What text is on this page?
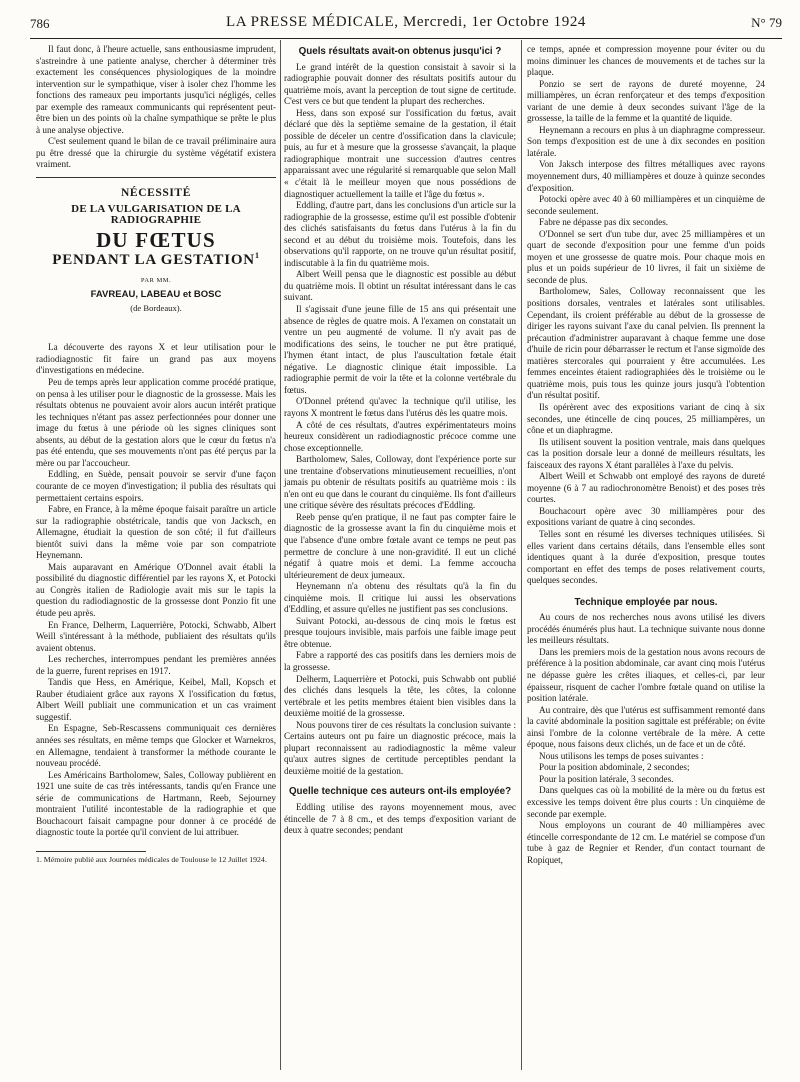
786	LA PRESSE MÉDICALE, Mercredi, 1er Octobre 1924	N° 79

Il faut donc, à l'heure actuelle, sans enthousiasme imprudent, s'astreindre à une patiente analyse, chercher à déterminer très exactement les conséquences physiologiques de la moindre intervention sur le sympathique, viser à isoler chez l'homme les fonctions des rameaux peu importants jusqu'ici négligés, celles par exemple des rameaux communicants qui représentent peut-être bien un des points où la chaîne sympathique se prête le plus à une analyse objective.

C'est seulement quand le bilan de ce travail préliminaire aura pu être dressé que la chirurgie du système végétatif existera vraiment.

NÉCESSITÉ
DE LA VULGARISATION DE LA RADIOGRAPHIE
DU FŒTUS
PENDANT LA GESTATION$^1$
PAR MM.
FAVREAU, LABEAU et BOSC
(de Bordeaux).

La découverte des rayons X et leur utilisation pour le radiodiagnostic fit faire un grand pas aux moyens d'investigations en médecine.

Peu de temps après leur application comme procédé pratique, on pensa à les utiliser pour le diagnostic de la grossesse. Mais les résultats obtenus ne pouvaient avoir alors aucun intérêt pratique les techniques n'étant pas assez perfectionnées pour donner une image du fœtus à une période où les signes cliniques sont absents, au début de la gestation alors que le cœur du fœtus n'a pas été entendu, que ses mouvements n'ont pas été perçus par la mère ou par l'accoucheur.

Eddling, en Suède, pensait pouvoir se servir d'une façon courante de ce moyen d'investigation; il publia des résultats qui permettaient certains espoirs.

Fabre, en France, à la même époque faisait paraître un article sur la radiographie obstétricale, tandis que von Jacksch, en Allemagne, étudiait la question de son côté; il fut d'ailleurs bientôt suivi dans la même voie par son compatriote Heynemann.

Mais auparavant en Amérique O'Donnel avait établi la possibilité du diagnostic différentiel par les rayons X, et Potocki au Congrès italien de Radiologie avait mis sur le tapis la question du radiodiagnostic de la grossesse dont Ponzio fit une étude peu après.

En France, Delherm, Laquerrière, Potocki, Schwabb, Albert Weill s'intéressant à la méthode, publiaient des résultats qu'ils avaient obtenus.

Les recherches, interrompues pendant les premières années de la guerre, furent reprises en 1917.

Tandis que Hess, en Amérique, Keibel, Mall, Kopsch et Rauber étudiaient grâce aux rayons X l'ossification du fœtus, Albert Weill publiait une communication et un cas vraiment suggestif.

En Espagne, Seb-Rescassens communiquait ces dernières années ses résultats, en même temps que Glocker et Warnekros, en Allemagne, tendaient à transformer la méthode courante le nouveau procédé.

Les Américains Bartholomew, Sales, Colloway publièrent en 1921 une suite de cas très intéressants, tandis qu'en France une série de communications de Hartmann, Reeb, Sejourney montraient l'utilité incontestable de la radiographie et que Bouchacourt faisait campagne pour donner à ce procédé de diagnostic toute la portée qu'il convient de lui attribuer.

1. Mémoire publié aux Journées médicales de Toulouse le 12 Juillet 1924.
Quels résultats avait-on obtenus jusqu'ici ?

Le grand intérêt de la question consistait à savoir si la radiographie pouvait donner des résultats positifs autour du quatrième mois, avant la perception de tout signe de certitude. C'est vers ce but que tendent la plupart des recherches.

Hess, dans son exposé sur l'ossification du fœtus, avait déclaré que dès la septième semaine de la gestation, il était possible de déceler un centre d'ossification dans la clavicule; puis, au fur et à mesure que la grossesse s'avançait, la plaque radiographique montrait une succession d'autres centres apparaissant avec une régularité si remarquable que selon Mall « c'était là le meilleur moyen que nous possédions de diagnostiquer actuellement la taille et l'âge du fœtus ».

Eddling, d'autre part, dans les conclusions d'un article sur la radiographie de la grossesse, estime qu'il est possible d'obtenir des clichés satisfaisants du fœtus dans l'utérus à la fin du second et au début du troisième mois. Toutefois, dans les observations qu'il rapporte, on ne trouve qu'un résultat positif, indiscutable à la fin du quatrième mois.

Albert Weill pensa que le diagnostic est possible au début du quatrième mois. Il obtint un résultat intéressant dans le cas suivant.

Il s'agissait d'une jeune fille de 15 ans qui présentait une absence de règles de quatre mois. A l'examen on constatait un ventre un peu augmenté de volume. Il n'y avait pas de modifications des seins, le toucher ne put être pratiqué, l'hymen étant intact, de plus l'auscultation fœtale était négative. Le diagnostic clinique était impossible. La radiographie permit de voir la tête et la colonne vertébrale du fœtus.

O'Donnel prétend qu'avec la technique qu'il utilise, les rayons X montrent le fœtus dans l'utérus dès les quatre mois.

A côté de ces résultats, d'autres expérimentateurs moins heureux considèrent un radiodiagnostic précoce comme une chose exceptionnelle.

Bartholomew, Sales, Colloway, dont l'expérience porte sur une trentaine d'observations minutieusement recueillies, n'ont jamais pu obtenir de résultats positifs au quatrième mois : ils n'en ont eu que dans le courant du cinquième. Ils font d'ailleurs une critique sévère des résultats précoces d'Eddling.

Reeb pense qu'en pratique, il ne faut pas compter faire le diagnostic de la grossesse avant la fin du cinquième mois et que l'absence d'une ombre fœtale avant ce temps ne peut pas permettre de conclure à une non-gravidité. Il eut un cliché négatif à quatre mois et demi. La femme accoucha ultérieurement de deux jumeaux.

Heynemann n'a obtenu des résultats qu'à la fin du cinquième mois. Il critique lui aussi les observations d'Eddling, et assure qu'elles ne justifient pas ses conclusions.

Suivant Potocki, au-dessous de cinq mois le fœtus est presque toujours invisible, mais parfois une faible image peut être obtenue.

Fabre a rapporté des cas positifs dans les derniers mois de la grossesse.

Delherm, Laquerrière et Potocki, puis Schwabb ont publié des clichés dans lesquels la tête, les côtes, la colonne vertébrale et les petits membres étaient bien visibles dans la deuxième moitié de la grossesse.

Nous pouvons tirer de ces résultats la conclusion suivante : Certains auteurs ont pu faire un diagnostic précoce, mais la plupart reconnaissent au radiodiagnostic la même valeur qu'aux autres signes de certitude perceptibles pendant la deuxième moitié de la gestation.

Quelle technique ces auteurs ont-ils employée?

Eddling utilise des rayons moyennement mous, avec étincelle de 7 à 8 cm., et des temps d'exposition variant de deux à quatre secondes; pendant

ce temps, apnée et compression moyenne pour éviter ou du moins diminuer les chances de mouvements et de taches sur la plaque.

Ponzio se sert de rayons de dureté moyenne, 24 milliampères, un écran renforçateur et des temps d'exposition variant de une demie à deux secondes suivant l'âge de la grossesse, la taille de la femme et la quantité de liquide.

Heynemann a recours en plus à un diaphragme compresseur. Son temps d'exposition est de une à dix secondes en position latérale.

Von Jaksch interpose des filtres métalliques avec rayons moyennement durs, 40 milliampères et douze à quinze secondes d'exposition.

Potocki opère avec 40 à 60 milliampères et un cinquième de seconde seulement.

Fabre ne dépasse pas dix secondes.

O'Donnel se sert d'un tube dur, avec 25 milliampères et un quart de seconde d'exposition pour une femme d'un poids moyen et une grossesse de quatre mois. Pour chaque mois en plus et un poids supérieur de 10 livres, il fait un sixième de seconde de plus.

Bartholomew, Sales, Colloway reconnaissent que les positions dorsales, ventrales et latérales sont utilisables. Cependant, ils croient préférable au début de la grossesse de diriger les rayons suivant l'axe du canal pelvien. Ils prennent la précaution d'administrer auparavant à chaque femme une dose d'huile de ricin pour débarrasser le rectum et l'anse sigmoïde des matières stercorales qui pourraient y être accumulées. Les femmes enceintes étaient radiographiées dès le troisième ou le quatrième mois, puis tous les quinze jours jusqu'à l'obtention d'un résultat positif.

Ils opérèrent avec des expositions variant de cinq à six secondes, une étincelle de cinq pouces, 25 milliampères, un cône et un diaphragme.

Ils utilisent souvent la position ventrale, mais dans quelques cas la position dorsale leur a donné de meilleurs résultats, les faisceaux des rayons X étant parallèles à l'axe du pelvis.

Albert Weill et Schwabb ont employé des rayons de dureté moyenne (6 à 7 au radiochronomètre Benoist) et des poses très courtes.

Bouchacourt opère avec 30 milliampères pour des expositions variant de quatre à cinq secondes.

Telles sont en résumé les diverses techniques utilisées. Si elles varient dans certains détails, dans l'ensemble elles sont identiques quant à la durée d'exposition, presque toutes comportant en effet des temps de poses relativement courts, quelques secondes.

Technique employée par nous.

Au cours de nos recherches nous avons utilisé les divers procédés énumérés plus haut. La technique suivante nous donne les meilleurs résultats.

Dans les premiers mois de la gestation nous avons recours de préférence à la position abdominale, car avant cinq mois l'utérus ne dépasse guère les crêtes iliaques, et celles-ci, par leur épaisseur, risquent de cacher l'ombre fœtale quand on utilise la position latérale.

Au contraire, dès que l'utérus est suffisamment remonté dans la cavité abdominale la position sagittale est préférable; on évite ainsi l'ombre de la colonne vertébrale de la mère. A cette époque, nous faisons deux clichés, un de face et un de côté.

Nous utilisons les temps de poses suivantes :

Pour la position abdominale, 2 secondes;

Pour la position latérale, 3 secondes.

Dans quelques cas où la mobilité de la mère ou du fœtus est excessive les temps doivent être plus courts : Un cinquième de seconde par exemple.

Nous employons un courant de 40 milliampères avec étincelle correspondante de 12 cm. Le matériel se compose d'un tube à gaz de Regnier et Render, d'un contact tournant de Ropiquet,
